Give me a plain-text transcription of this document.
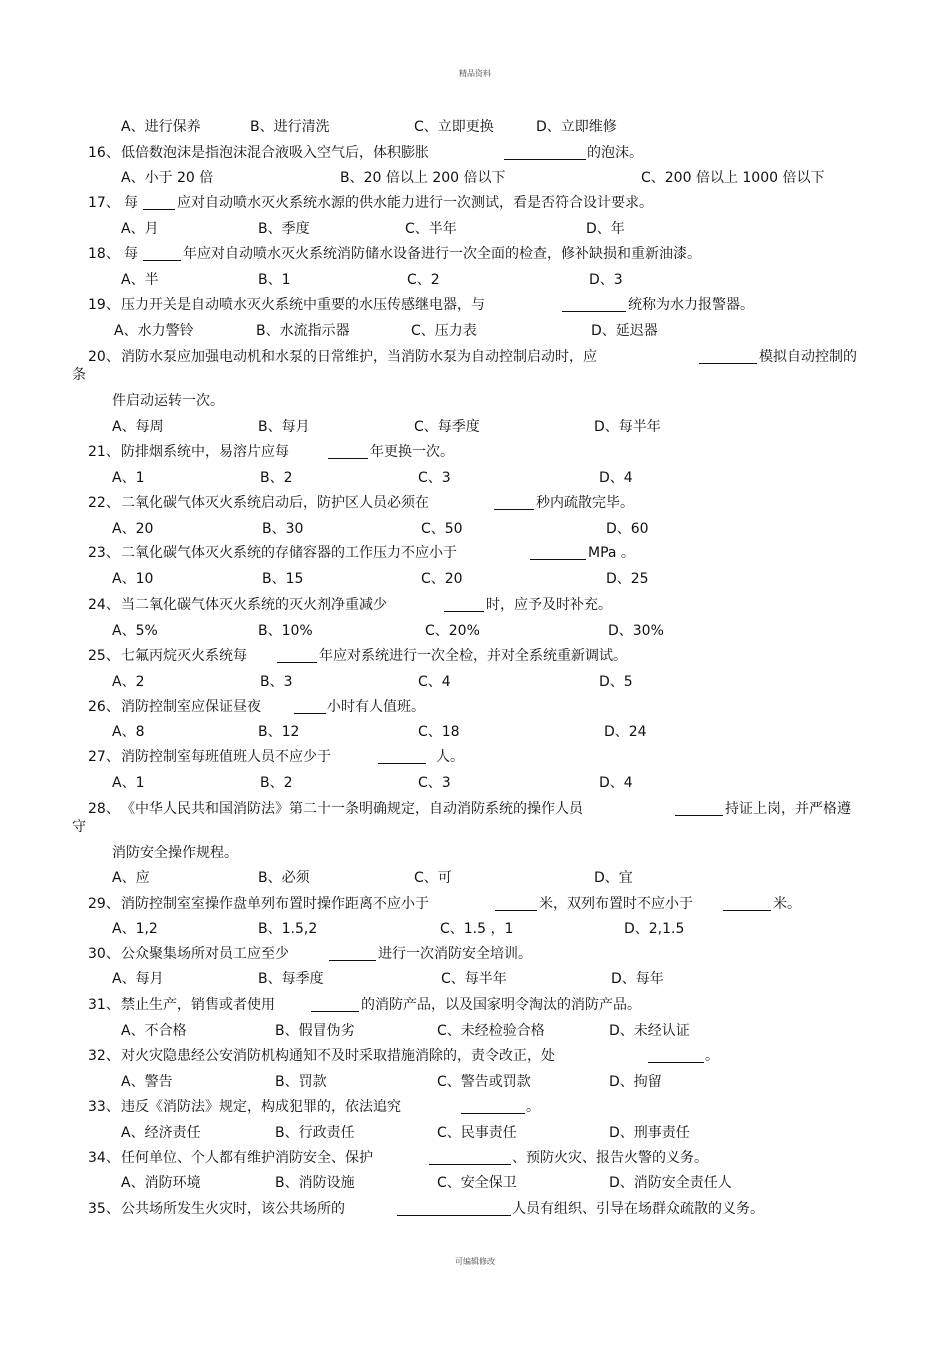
精品资料
A、进行保养	B、进行清洗	C、立即更换	D、立即维修
16、 低倍数泡沫是指泡沫混合液吸入空气后，体积膨胀	的泡沫。
A、小于 20 倍	B、20 倍以上 200 倍以下	C、200 倍以上 1000 倍以下
17、 每	应对自动喷水灭火系统水源的供水能力进行一次测试，看是否符合设计要求。
A、月	B、季度	C、半年	D、年
18、 每	年应对自动喷水灭火系统消防储水设备进行一次全面的检查，修补缺损和重新油漆。
A、半	B、1	C、2	D、3
19、 压力开关是自动喷水灭火系统中重要的水压传感继电器，与	统称为水力报警器。
A、水力警铃	B、水流指示器	C、压力表	D、延迟器
20、 消防水泵应加强电动机和水泵的日常维护，当消防水泵为自动控制启动时，应	模拟自动控制的
条
件启动运转一次。
A、每周	B、每月	C、每季度	D、每半年
21、 防排烟系统中，易溶片应每	年更换一次。
A、1	B、2	C、3	D、4
22、 二氧化碳气体灭火系统启动后，防护区人员必须在	秒内疏散完毕。
A、20	B、30	C、50	D、60
23、 二氧化碳气体灭火系统的存储容器的工作压力不应小于	MPa 。
A、10	B、15	C、20	D、25
24、 当二氧化碳气体灭火系统的灭火剂净重减少	时，应予及时补充。
A、5%	B、10%	C、20%	D、30%
25、 七氟丙烷灭火系统每	年应对系统进行一次全检，并对全系统重新调试。
A、2	B、3	C、4	D、5
26、 消防控制室应保证昼夜	小时有人值班。
A、8	B、12	C、18	D、24
27、 消防控制室每班值班人员不应少于	人。
A、1	B、2	C、3	D、4
28、 《中华人民共和国消防法》第二十一条明确规定，自动消防系统的操作人员	持证上岗，并严格遵
守
消防安全操作规程。
A、应	B、必须	C、可	D、宜
29、 消防控制室室操作盘单列布置时操作距离不应小于	米，双列布置时不应小于	米。
A、1,2	B、1.5,2	C、1.5 ，1	D、2,1.5
30、 公众聚集场所对员工应至少	进行一次消防安全培训。
A、每月	B、每季度	C、每半年	D、每年
31、 禁止生产，销售或者使用	的消防产品，以及国家明令淘汰的消防产品。
A、不合格	B、假冒伪劣	C、未经检验合格	D、未经认证
32、 对火灾隐患经公安消防机构通知不及时采取措施消除的，责令改正，处	。
A、警告	B、罚款	C、警告或罚款	D、拘留
33、 违反《消防法》规定，构成犯罪的，依法追究	。
A、经济责任	B、行政责任	C、民事责任	D、刑事责任
34、 任何单位、个人都有维护消防安全、保护	、预防火灾、报告火警的义务。
A、消防环境	B、消防设施	C、安全保卫	D、消防安全责任人
35、 公共场所发生火灾时，该公共场所的	人员有组织、引导在场群众疏散的义务。
可编辑修改
